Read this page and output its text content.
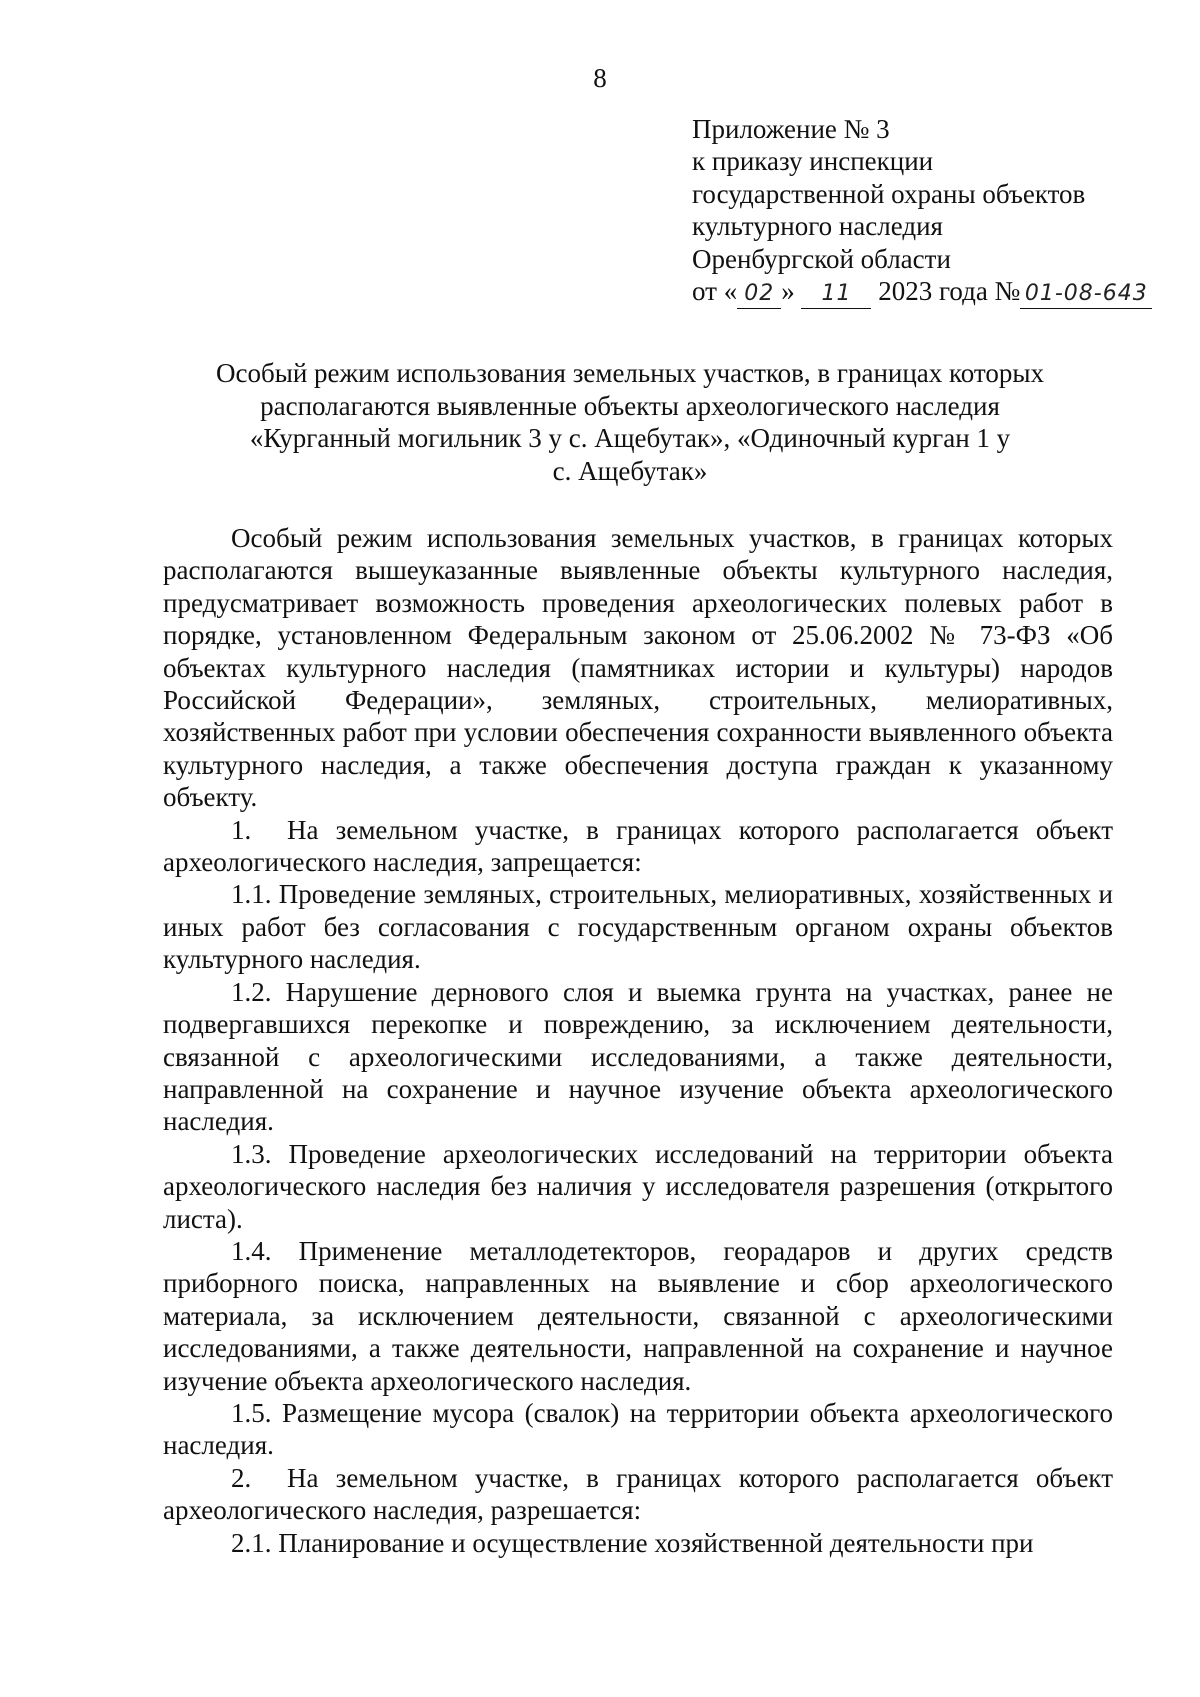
8
Приложение № 3
к приказу инспекции
государственной охраны объектов
культурного наследия
Оренбургской области
от « 02 » 11 2023 года № 01-08-643
Особый режим использования земельных участков, в границах которых
располагаются выявленные объекты археологического наследия
«Курганный могильник 3 у с. Ащебутак», «Одиночный курган 1 у
с. Ащебутак»

Особый режим использования земельных участков, в границах которых располагаются вышеуказанные выявленные объекты культурного наследия, предусматривает возможность проведения археологических полевых работ в порядке, установленном Федеральным законом от 25.06.2002 № 73-ФЗ «Об объектах культурного наследия (памятниках истории и культуры) народов Российской Федерации», земляных, строительных, мелиоративных, хозяйственных работ при условии обеспечения сохранности выявленного объекта культурного наследия, а также обеспечения доступа граждан к указанному объекту.

1. На земельном участке, в границах которого располагается объект археологического наследия, запрещается:

1.1. Проведение земляных, строительных, мелиоративных, хозяйственных и иных работ без согласования с государственным органом охраны объектов культурного наследия.

1.2. Нарушение дернового слоя и выемка грунта на участках, ранее не подвергавшихся перекопке и повреждению, за исключением деятельности, связанной с археологическими исследованиями, а также деятельности, направленной на сохранение и научное изучение объекта археологического наследия.

1.3. Проведение археологических исследований на территории объекта археологического наследия без наличия у исследователя разрешения (открытого листа).

1.4. Применение металлодетекторов, георадаров и других средств приборного поиска, направленных на выявление и сбор археологического материала, за исключением деятельности, связанной с археологическими исследованиями, а также деятельности, направленной на сохранение и научное изучение объекта археологического наследия.

1.5. Размещение мусора (свалок) на территории объекта археологического наследия.

2. На земельном участке, в границах которого располагается объект археологического наследия, разрешается:

2.1. Планирование и осуществление хозяйственной деятельности при
